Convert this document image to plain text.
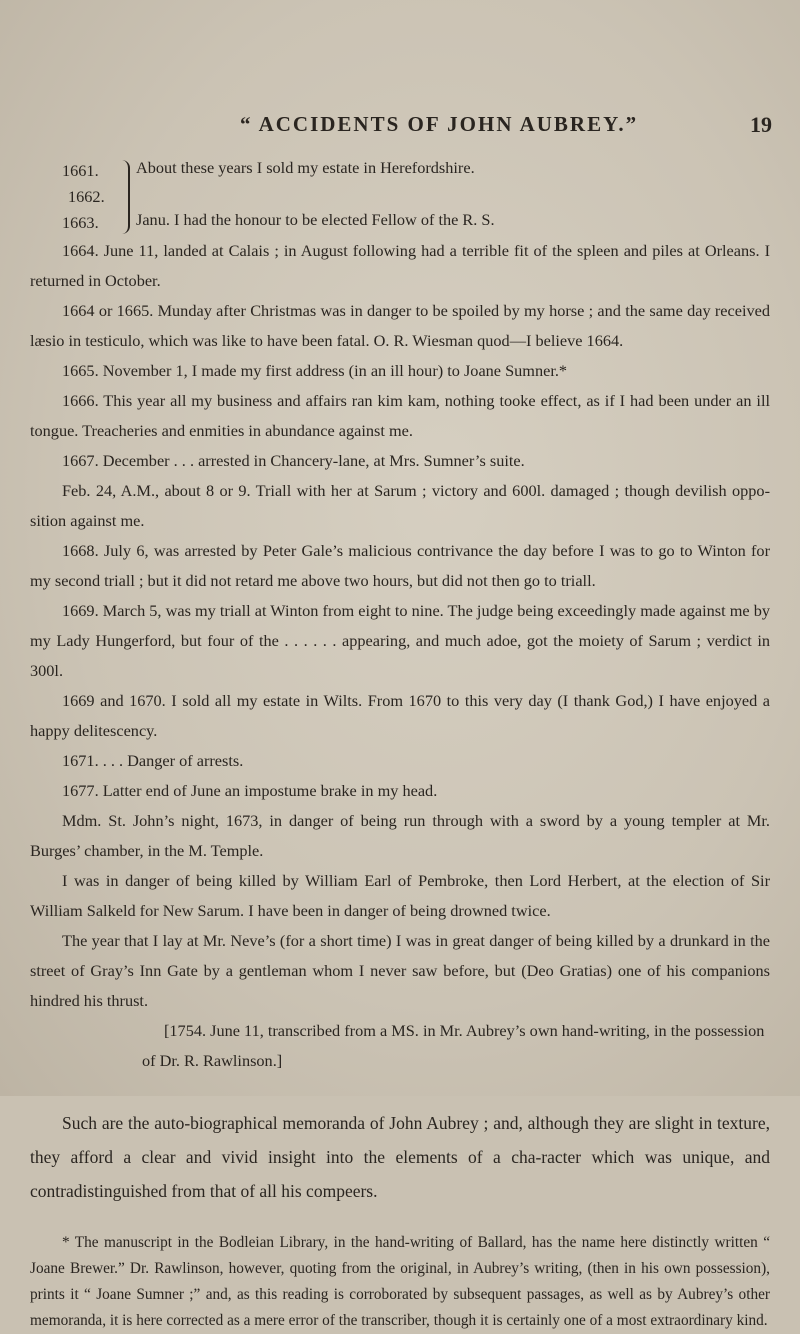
“ ACCIDENTS OF JOHN AUBREY.”	19
1661.
1662.
1663.
About these years I sold my estate in Herefordshire.
Janu. I had the honour to be elected Fellow of the R. S.

1664. June 11, landed at Calais ; in August following had a terrible fit of the spleen and piles at Orleans. I returned in October.

1664 or 1665. Munday after Christmas was in danger to be spoiled by my horse ; and the same day received læsio in testiculo, which was like to have been fatal. O. R. Wiesman quod—I believe 1664.

1665. November 1, I made my first address (in an ill hour) to Joane Sumner.*

1666. This year all my business and affairs ran kim kam, nothing tooke effect, as if I had been under an ill tongue. Treacheries and enmities in abundance against me.

1667. December . . . arrested in Chancery-lane, at Mrs. Sumner’s suite.

Feb. 24, A.M., about 8 or 9. Triall with her at Sarum ; victory and 600l. damaged ; though devilish oppo-sition against me.

1668. July 6, was arrested by Peter Gale’s malicious contrivance the day before I was to go to Winton for my second triall ; but it did not retard me above two hours, but did not then go to triall.

1669. March 5, was my triall at Winton from eight to nine. The judge being exceedingly made against me by my Lady Hungerford, but four of the . . . . . . appearing, and much adoe, got the moiety of Sarum ; verdict in 300l.

1669 and 1670. I sold all my estate in Wilts. From 1670 to this very day (I thank God,) I have enjoyed a happy delitescency.

1671. . . . Danger of arrests.

1677. Latter end of June an impostume brake in my head.

Mdm. St. John’s night, 1673, in danger of being run through with a sword by a young templer at Mr. Burges’ chamber, in the M. Temple.

I was in danger of being killed by William Earl of Pembroke, then Lord Herbert, at the election of Sir William Salkeld for New Sarum. I have been in danger of being drowned twice.

The year that I lay at Mr. Neve’s (for a short time) I was in great danger of being killed by a drunkard in the street of Gray’s Inn Gate by a gentleman whom I never saw before, but (Deo Gratias) one of his companions hindred his thrust.

[1754. June 11, transcribed from a MS. in Mr. Aubrey’s own hand-writing, in the possession of Dr. R. Rawlinson.]

Such are the auto-biographical memoranda of John Aubrey ; and, although they are slight in texture, they afford a clear and vivid insight into the elements of a cha-racter which was unique, and contradistinguished from that of all his compeers.

* The manuscript in the Bodleian Library, in the hand-writing of Ballard, has the name here distinctly written “ Joane Brewer.” Dr. Rawlinson, however, quoting from the original, in Aubrey’s writing, (then in his own possession), prints it “ Joane Sumner ;” and, as this reading is corroborated by subsequent passages, as well as by Aubrey’s other memoranda, it is here corrected as a mere error of the transcriber, though it is certainly one of a most extraordinary kind.
